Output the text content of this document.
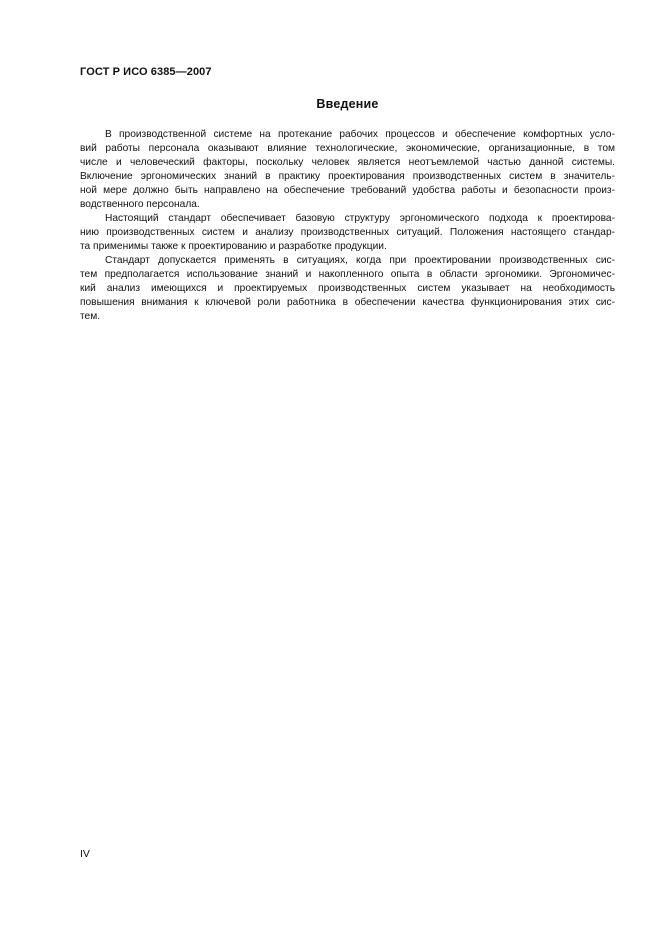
ГОСТ Р ИСО 6385—2007
Введение
В производственной системе на протекание рабочих процессов и обеспечение комфортных усло-
вий работы персонала оказывают влияние технологические, экономические, организационные, в том
числе и человеческий факторы, поскольку человек является неотъемлемой частью данной системы.
Включение эргономических знаний в практику проектирования производственных систем в значитель-
ной мере должно быть направлено на обеспечение требований удобства работы и безопасности произ-
водственного персонала.
Настоящий стандарт обеспечивает базовую структуру эргономического подхода к проектирова-
нию производственных систем и анализу производственных ситуаций. Положения настоящего стандар-
та применимы также к проектированию и разработке продукции.
Стандарт допускается применять в ситуациях, когда при проектировании производственных сис-
тем предполагается использование знаний и накопленного опыта в области эргономики. Эргономичес-
кий анализ имеющихся и проектируемых производственных систем указывает на необходимость
повышения внимания к ключевой роли работника в обеспечении качества функционирования этих сис-
тем.
IV
